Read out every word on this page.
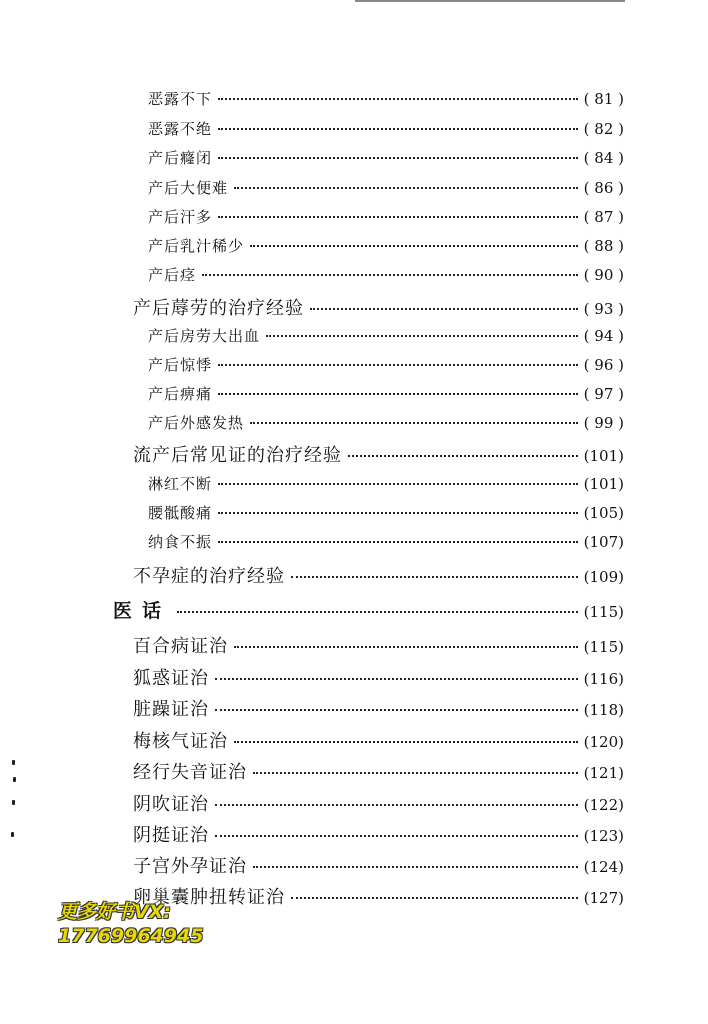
恶露不下	( 81 )
恶露不绝	( 82 )
产后癃闭	( 84 )
产后大便难	( 86 )
产后汗多	( 87 )
产后乳汁稀少	( 88 )
产后痉	( 90 )
产后蓐劳的治疗经验	( 93 )
产后房劳大出血	( 94 )
产后惊悸	( 96 )
产后痹痛	( 97 )
产后外感发热	( 99 )
流产后常见证的治疗经验	(101)
淋红不断	(101)
腰骶酸痛	(105)
纳食不振	(107)
不孕症的治疗经验	(109)
医话	(115)
百合病证治	(115)
狐惑证治	(116)
脏躁证治	(118)
梅核气证治	(120)
经行失音证治	(121)
阴吹证治	(122)
阴挺证治	(123)
子宫外孕证治	(124)
卵巢囊肿扭转证治	(127)
更多好书VX:
17769964945
